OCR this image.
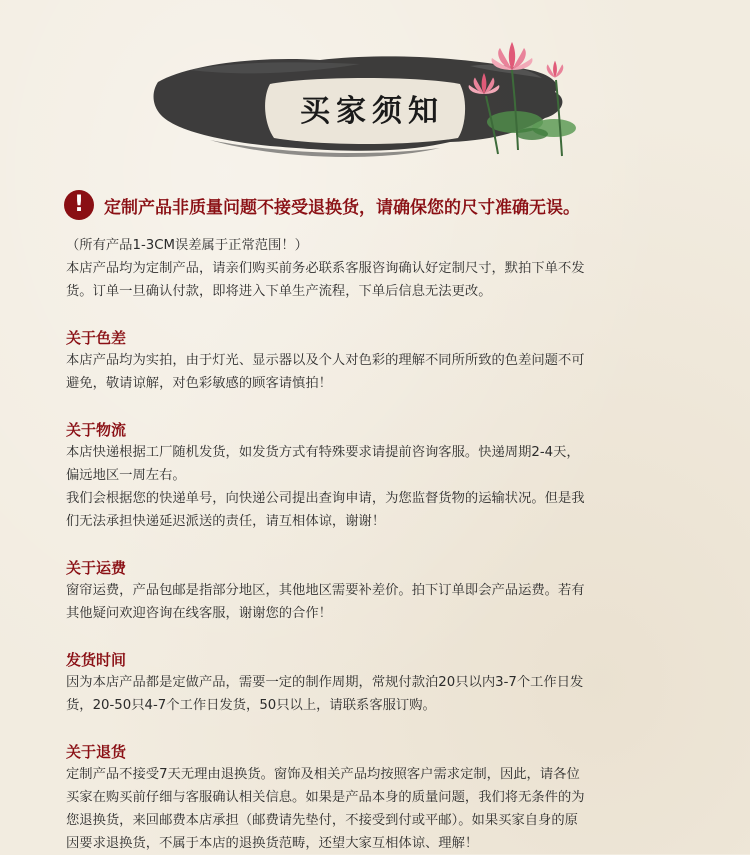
买家须知
!	定制产品非质量问题不接受退换货，请确保您的尺寸准确无误。
（所有产品1-3CM误差属于正常范围！）
本店产品均为定制产品，请亲们购买前务必联系客服咨询确认好定制尺寸，默拍下单不发
货。订单一旦确认付款，即将进入下单生产流程，下单后信息无法更改。
关于色差
本店产品均为实拍，由于灯光、显示器以及个人对色彩的理解不同所所致的色差问题不可
避免，敬请谅解，对色彩敏感的顾客请慎拍！
关于物流
本店快递根据工厂随机发货，如发货方式有特殊要求请提前咨询客服。快递周期2-4天，
偏远地区一周左右。
我们会根据您的快递单号，向快递公司提出查询申请，为您监督货物的运输状况。但是我
们无法承担快递延迟派送的责任，请互相体谅，谢谢！
关于运费
窗帘运费，产品包邮是指部分地区，其他地区需要补差价。拍下订单即会产品运费。若有
其他疑问欢迎咨询在线客服，谢谢您的合作！
发货时间
因为本店产品都是定做产品，需要一定的制作周期，常规付款泊20只以内3-7个工作日发
货，20-50只4-7个工作日发货，50只以上，请联系客服订购。
关于退货
定制产品不接受7天无理由退换货。窗饰及相关产品均按照客户需求定制，因此，请各位
买家在购买前仔细与客服确认相关信息。如果是产品本身的质量问题，我们将无条件的为
您退换货，来回邮费本店承担（邮费请先垫付，不接受到付或平邮）。如果买家自身的原
因要求退换货，不属于本店的退换货范畴，还望大家互相体谅、理解！
